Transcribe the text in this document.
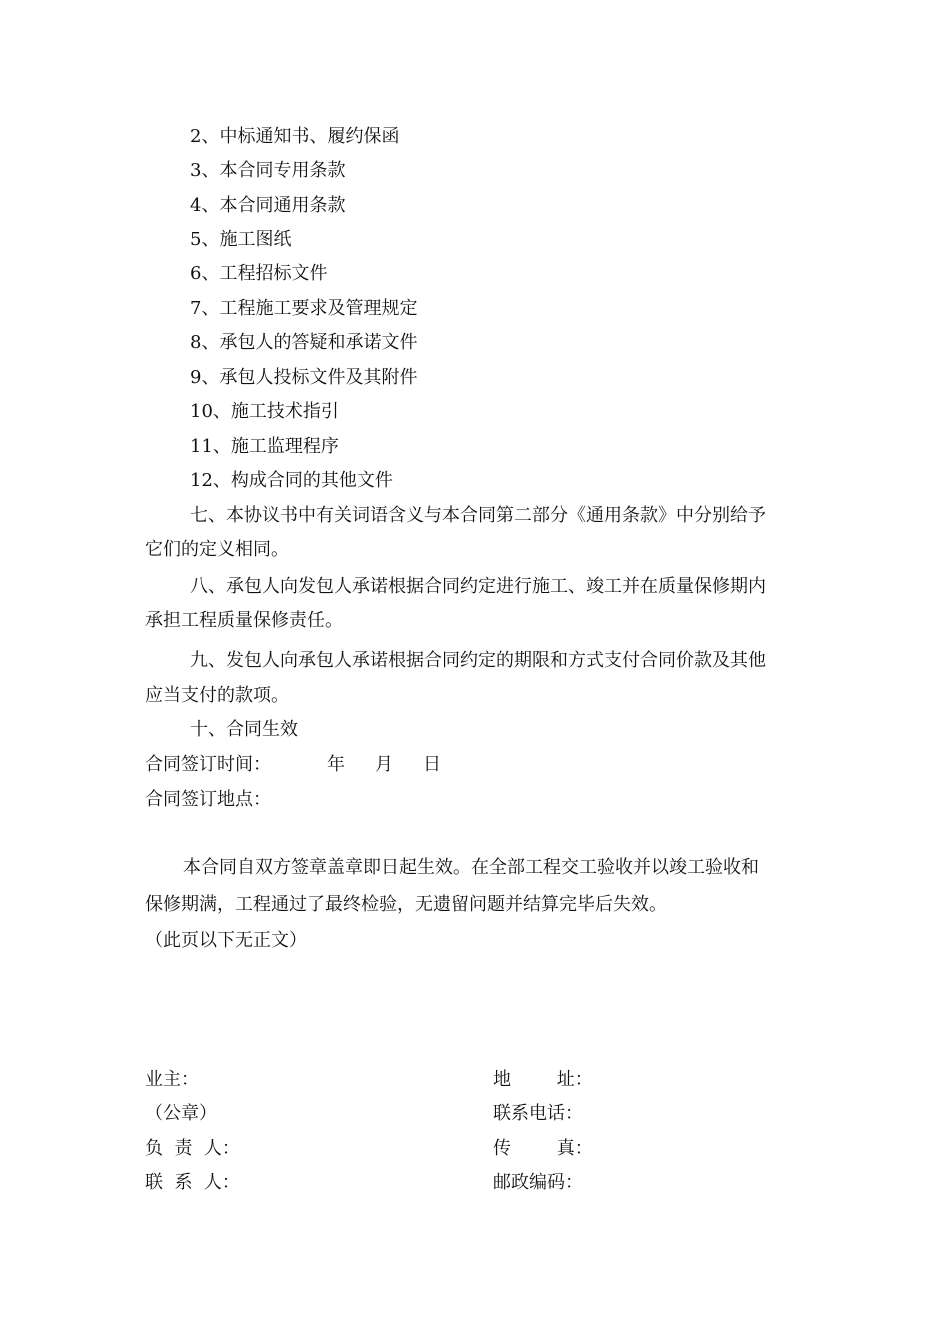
2、中标通知书、履约保函
3、本合同专用条款
4、本合同通用条款
5、施工图纸
6、工程招标文件
7、工程施工要求及管理规定
8、承包人的答疑和承诺文件
9、承包人投标文件及其附件
10、施工技术指引
11、施工监理程序
12、构成合同的其他文件
七、本协议书中有关词语含义与本合同第二部分《通用条款》中分别给予
它们的定义相同。
八、承包人向发包人承诺根据合同约定进行施工、竣工并在质量保修期内
承担工程质量保修责任。
九、发包人向承包人承诺根据合同约定的期限和方式支付合同价款及其他
应当支付的款项。
十、合同生效
合同签订时间：	年 月 日
合同签订地点：
本合同自双方签章盖章即日起生效。在全部工程交工验收并以竣工验收和
保修期满，工程通过了最终检验，无遗留问题并结算完毕后失效。
（此页以下无正文）
业主：
（公章）
负  责  人：
联  系  人：
地        址：
联系电话：
传        真：
邮政编码：
